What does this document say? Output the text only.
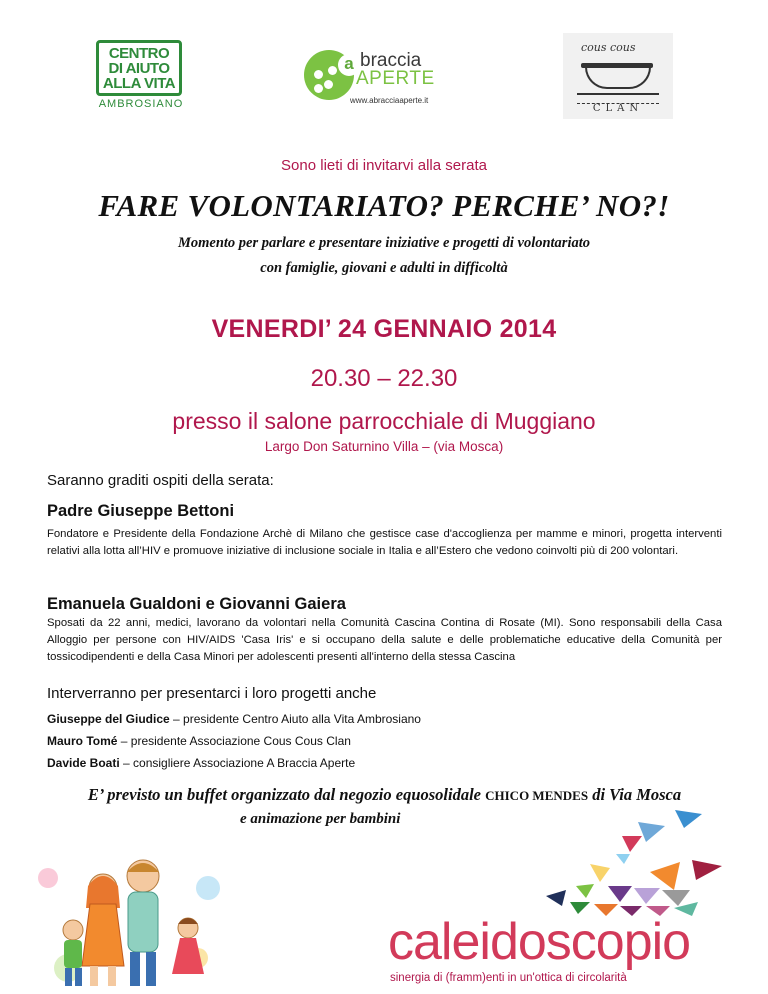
CENTRO
DI AIUTO
ALLA VITA
AMBROSIANO
a braccia
APERTE
www.abracciaaperte.it
cous cous
CLAN
Sono lieti di invitarvi alla serata
FARE VOLONTARIATO? PERCHE’ NO?!
Momento per parlare e presentare iniziative e progetti di volontariato
con famiglie, giovani e adulti in difficoltà
VENERDI’ 24 GENNAIO 2014
20.30 – 22.30
presso il salone parrocchiale di Muggiano
Largo Don Saturnino Villa – (via Mosca)
Saranno graditi ospiti della serata:
Padre Giuseppe Bettoni
Fondatore e Presidente della Fondazione Archè di Milano che gestisce case d'accoglienza per mamme e minori, progetta interventi relativi alla lotta all’HIV e promuove iniziative di inclusione sociale in Italia e all’Estero che vedono coinvolti più di 200 volontari.
Emanuela Gualdoni e Giovanni Gaiera
Sposati da 22 anni, medici, lavorano da volontari nella Comunità Cascina Contina di Rosate (MI). Sono responsabili della Casa Alloggio per persone con HIV/AIDS 'Casa Iris' e si occupano della salute e delle problematiche educative della Comunità per tossicodipendenti e della Casa Minori per adolescenti presenti all'interno della stessa Cascina
Interverranno per presentarci i loro progetti anche
Giuseppe del Giudice – presidente Centro Aiuto alla Vita Ambrosiano
Mauro Tomé – presidente Associazione Cous Cous Clan
Davide Boati – consigliere Associazione A Braccia Aperte
E’ previsto un buffet organizzato dal negozio equosolidale CHICO MENDES di Via Mosca
e animazione per bambini
caleidoscopio
sinergia di (framm)enti in un'ottica di circolarità
